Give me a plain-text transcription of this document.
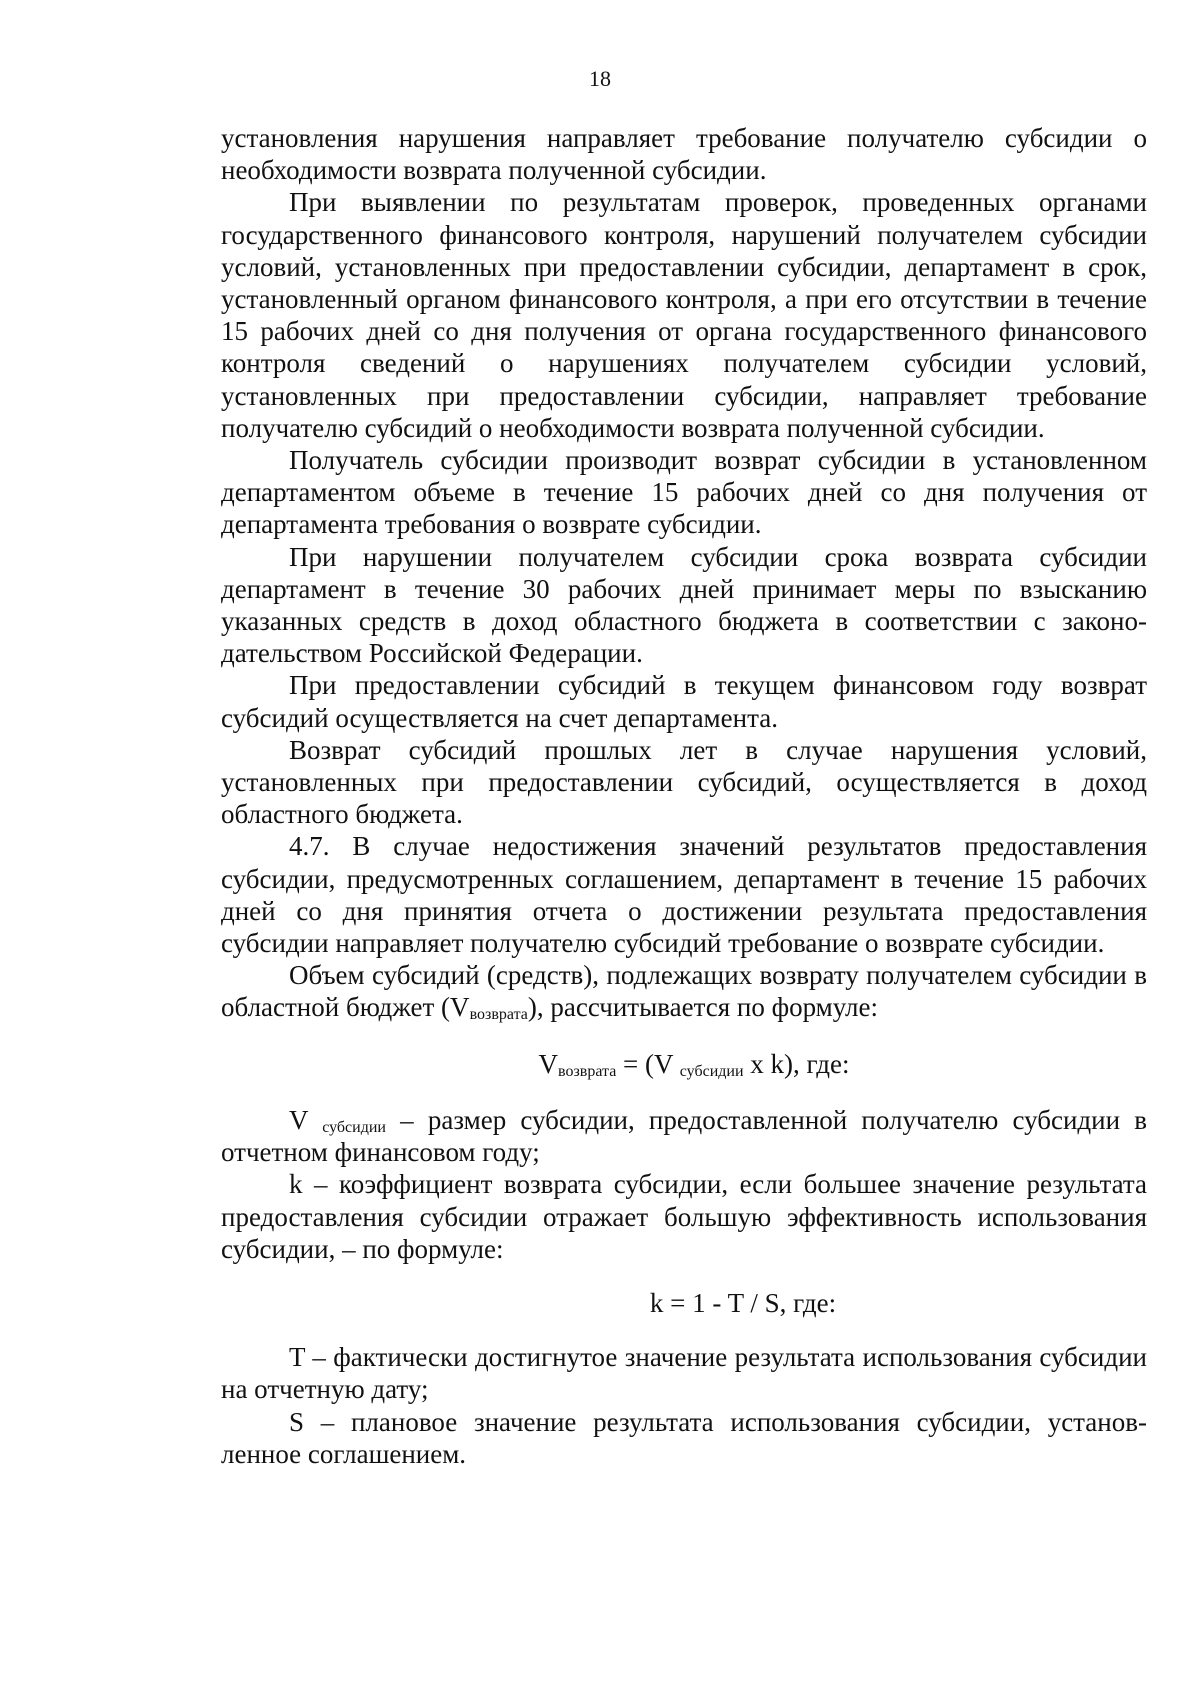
18

установления нарушения направляет требование получателю субсидии о необходимости возврата полученной субсидии.

При выявлении по результатам проверок, проведенных органами государственного финансового контроля, нарушений получателем субсидии условий, установленных при предоставлении субсидии, департамент в срок, установленный органом финансового контроля, а при его отсутствии в течение 15 рабочих дней со дня получения от органа государственного финансового контроля сведений о нарушениях получателем субсидии условий, установленных при предоставлении субсидии, направляет требование получателю субсидий о необходимости возврата полученной субсидии.

Получатель субсидии производит возврат субсидии в установленном департаментом объеме в течение 15 рабочих дней со дня получения от департамента требования о возврате субсидии.

При нарушении получателем субсидии срока возврата субсидии департамент в течение 30 рабочих дней принимает меры по взысканию указанных средств в доход областного бюджета в соответствии с законодательством Российской Федерации.

При предоставлении субсидий в текущем финансовом году возврат субсидий осуществляется на счет департамента.

Возврат субсидий прошлых лет в случае нарушения условий, установленных при предоставлении субсидий, осуществляется в доход областного бюджета.

4.7. В случае недостижения значений результатов предоставления субсидии, предусмотренных соглашением, департамент в течение 15 рабочих дней со дня принятия отчета о достижении результата предоставления субсидии направляет получателю субсидий требование о возврате субсидии.

Объем субсидий (средств), подлежащих возврату получателем субсидии в областной бюджет (Vвозврата), рассчитывается по формуле:

Vвозврата = (V субсидии x k), где:

V субсидии – размер субсидии, предоставленной получателю субсидии в отчетном финансовом году;

k – коэффициент возврата субсидии, если большее значение результата предоставления субсидии отражает большую эффективность использования субсидии, – по формуле:

k = 1 - T / S, где:

T – фактически достигнутое значение результата использования субсидии на отчетную дату;

S – плановое значение результата использования субсидии, установленное соглашением.
